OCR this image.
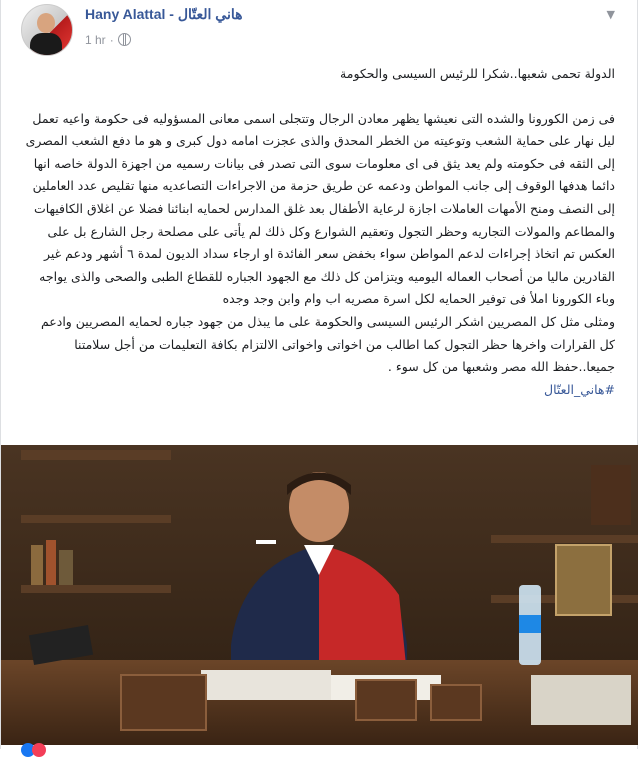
Hany Alattal - هاني العتّال
1 hr ·
▼

الدولة تحمى شعبها..شكرا للرئيس السيسى والحكومة

فى زمن الكورونا والشده التى نعيشها يظهر معادن الرجال وتتجلى اسمى معانى المسؤوليه فى حكومة واعيه تعمل ليل نهار على حماية الشعب وتوعيته من الخطر المحدق والذى عجزت امامه دول كبرى و هو ما دفع الشعب المصرى إلى الثقه فى حكومته ولم يعد يثق فى اى معلومات سوى التى تصدر فى بيانات رسميه من اجهزة الدولة خاصه انها دائما هدفها الوقوف إلى جانب المواطن ودعمه عن طريق حزمة من الاجراءات التصاعديه منها تقليص عدد العاملين إلى النصف ومنح الأمهات العاملات اجازة لرعاية الأطفال بعد غلق المدارس لحمايه ابنائنا فضلا عن اغلاق الكافيهات والمطاعم والمولات التجاريه وحظر التجول وتعقيم الشوارع وكل ذلك لم يأتى على مصلحة رجل الشارع بل على العكس تم اتخاذ إجراءات لدعم المواطن سواء بخفض سعر الفائدة او ارجاء سداد الديون لمدة ٦ أشهر ودعم غير القادرين ماليا من أصحاب العماله اليوميه ويتزامن كل ذلك مع الجهود الجباره للقطاع الطبى والصحى والذى يواجه وباء الكورونا املأ فى توفير الحمايه لكل اسرة مصريه اب وام وابن وجد وجده

ومثلى مثل كل المصريين اشكر الرئيس السيسى والحكومة على ما يبذل من جهود جباره لحمايه المصريين وادعم كل القرارات واخرها حظر التجول كما اطالب من اخواتى واخواتى الالتزام بكافة التعليمات من أجل سلامتنا جميعا..حفظ الله مصر وشعبها من كل سوء .

#هاني_العتّال
